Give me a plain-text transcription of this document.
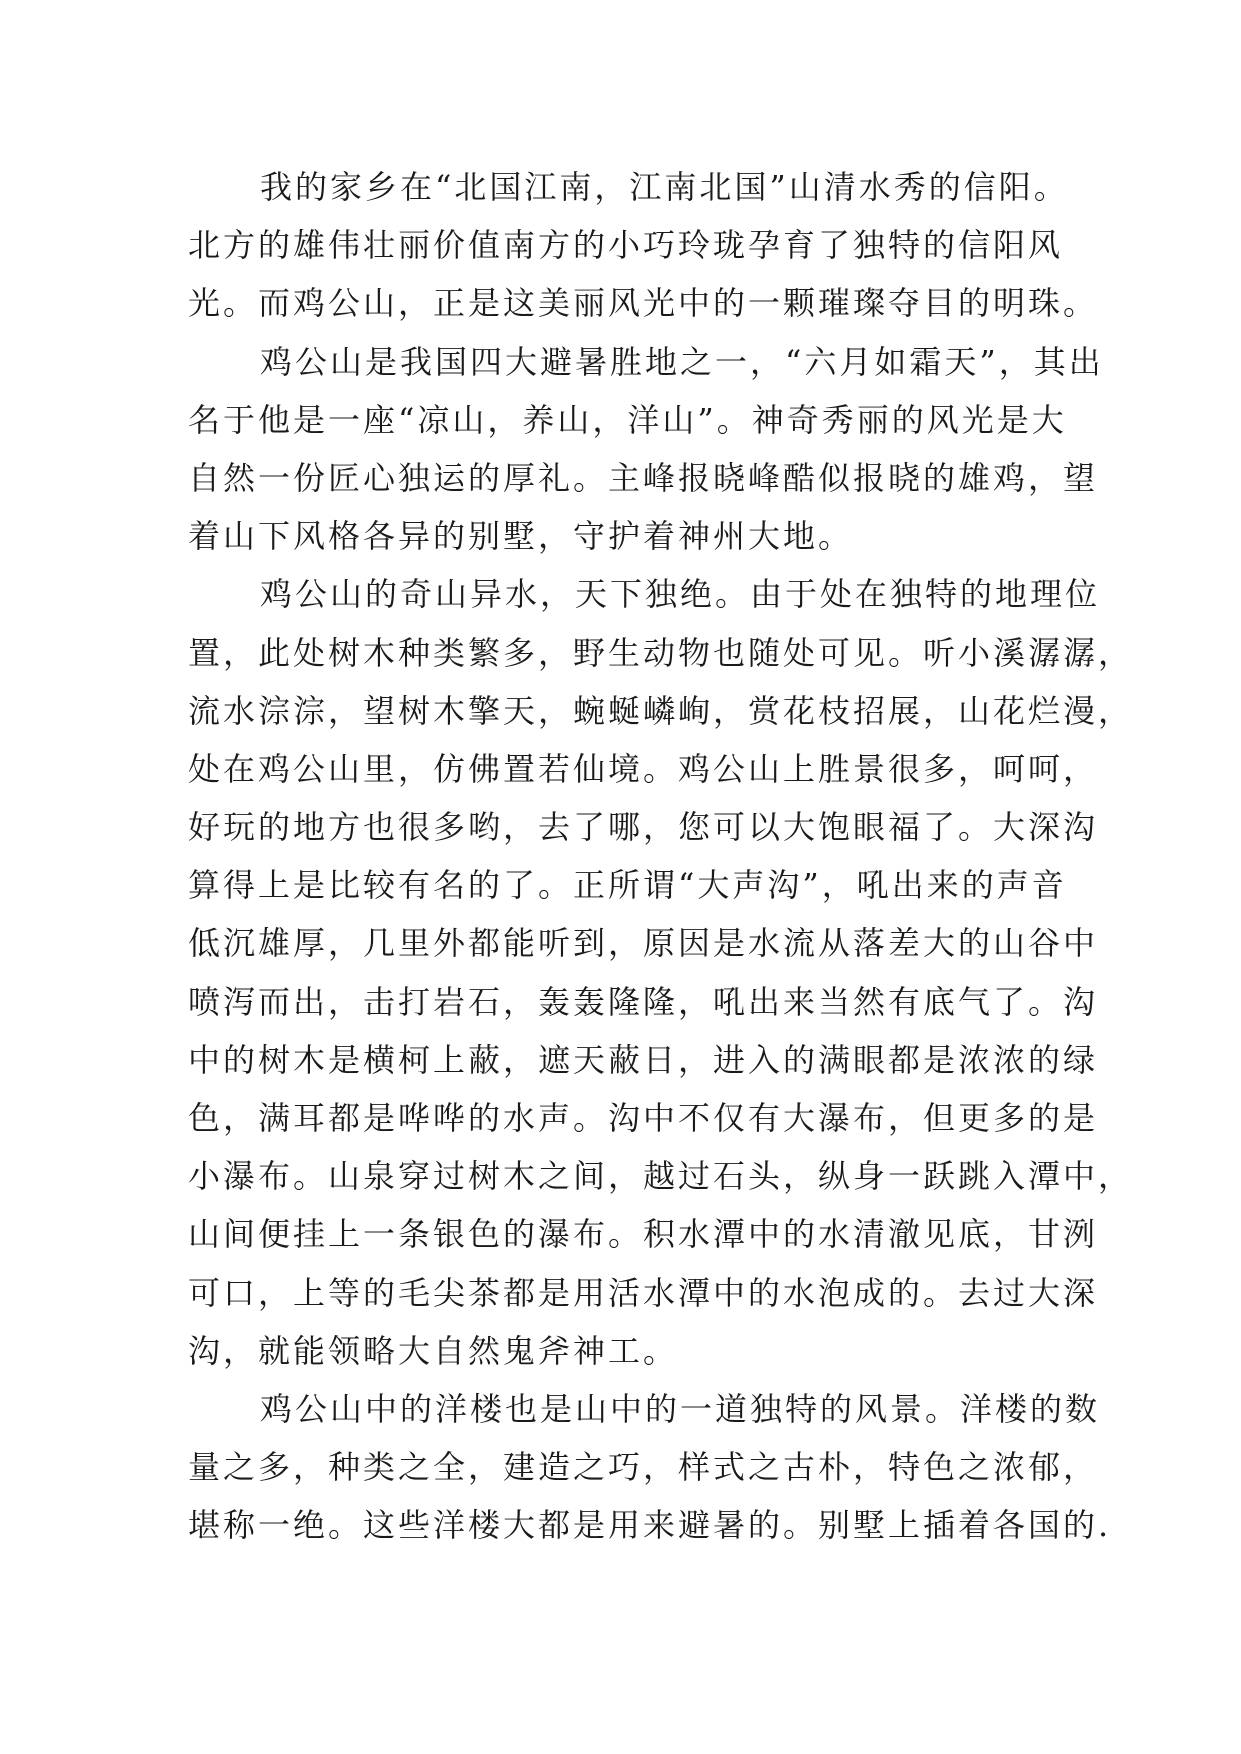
我的家乡在“北国江南，江南北国”山清水秀的信阳。
北方的雄伟壮丽价值南方的小巧玲珑孕育了独特的信阳风
光。而鸡公山，正是这美丽风光中的一颗璀璨夺目的明珠。
鸡公山是我国四大避暑胜地之一，“六月如霜天”，其出
名于他是一座“凉山，养山，洋山”。神奇秀丽的风光是大
自然一份匠心独运的厚礼。主峰报晓峰酷似报晓的雄鸡，望
着山下风格各异的别墅，守护着神州大地。
鸡公山的奇山异水，天下独绝。由于处在独特的地理位
置，此处树木种类繁多，野生动物也随处可见。听小溪潺潺，
流水淙淙，望树木擎天，蜿蜒嶙峋，赏花枝招展，山花烂漫，
处在鸡公山里，仿佛置若仙境。鸡公山上胜景很多，呵呵，
好玩的地方也很多哟，去了哪，您可以大饱眼福了。大深沟
算得上是比较有名的了。正所谓“大声沟”，吼出来的声音
低沉雄厚，几里外都能听到，原因是水流从落差大的山谷中
喷泻而出，击打岩石，轰轰隆隆，吼出来当然有底气了。沟
中的树木是横柯上蔽，遮天蔽日，进入的满眼都是浓浓的绿
色，满耳都是哗哗的水声。沟中不仅有大瀑布，但更多的是
小瀑布。山泉穿过树木之间，越过石头，纵身一跃跳入潭中，
山间便挂上一条银色的瀑布。积水潭中的水清澈见底，甘洌
可口，上等的毛尖茶都是用活水潭中的水泡成的。去过大深
沟，就能领略大自然鬼斧神工。
鸡公山中的洋楼也是山中的一道独特的风景。洋楼的数
量之多，种类之全，建造之巧，样式之古朴，特色之浓郁，
堪称一绝。这些洋楼大都是用来避暑的。别墅上插着各国的.
